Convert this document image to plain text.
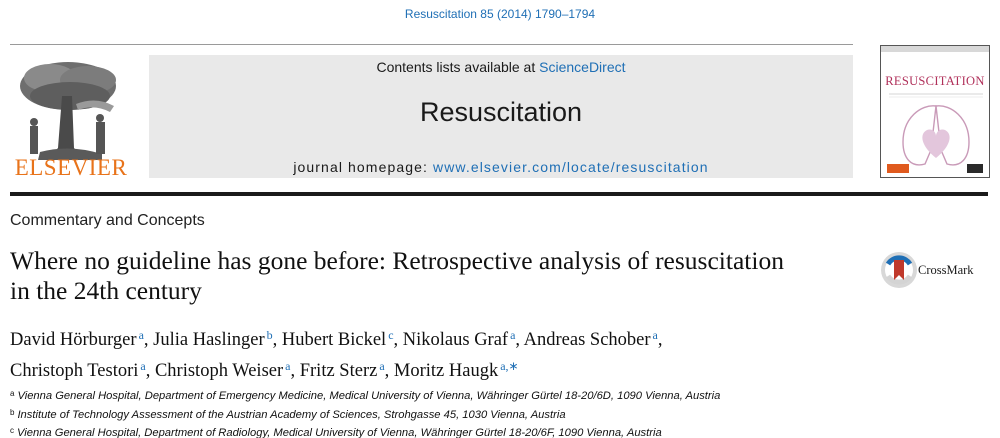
Resuscitation 85 (2014) 1790–1794
ELSEVIER
Contents lists available at ScienceDirect
Resuscitation
journal homepage: www.elsevier.com/locate/resuscitation
RESUSCITATION
Commentary and Concepts
Where no guideline has gone before: Retrospective analysis of resuscitation in the 24th century
CrossMark
David Hörburger $^a$, Julia Haslinger $^b$, Hubert Bickel $^c$, Nikolaus Graf $^a$, Andreas Schober $^a$,
Christoph Testori $^a$, Christoph Weiser $^a$, Fritz Sterz $^a$, Moritz Haugk $^{a,∗}$
$^a$ Vienna General Hospital, Department of Emergency Medicine, Medical University of Vienna, Währinger Gürtel 18-20/6D, 1090 Vienna, Austria
$^b$ Institute of Technology Assessment of the Austrian Academy of Sciences, Strohgasse 45, 1030 Vienna, Austria
$^c$ Vienna General Hospital, Department of Radiology, Medical University of Vienna, Währinger Gürtel 18-20/6F, 1090 Vienna, Austria
